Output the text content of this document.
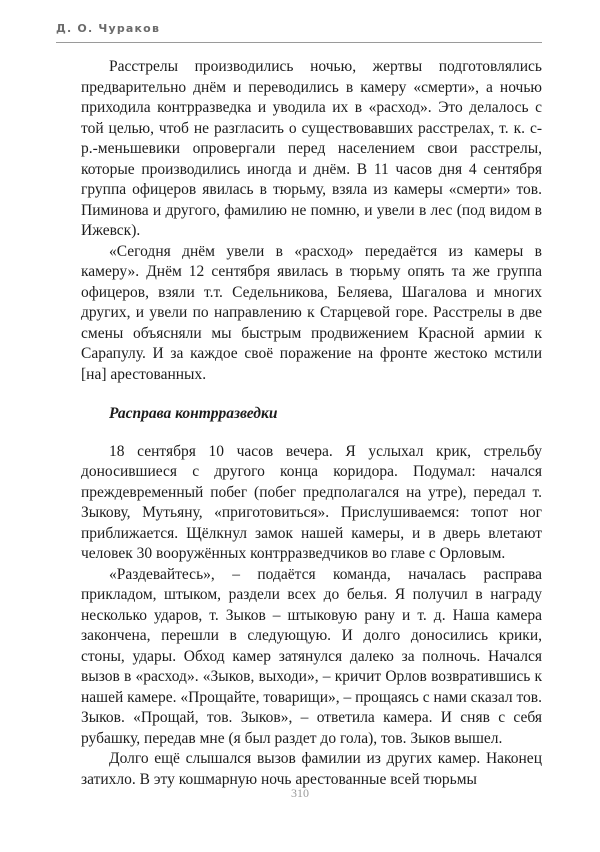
Д. О. Чураков

Расстрелы производились ночью, жертвы подготовлялись предварительно днём и переводились в камеру «смерти», а ночью приходила контрразведка и уводила их в «расход». Это делалось с той целью, чтоб не разгласить о существовавших расстрелах, т. к. с-р.-меньшевики опровергали перед населением свои расстрелы, которые производились иногда и днём. В 11 часов дня 4 сентября группа офицеров явилась в тюрьму, взяла из камеры «смерти» тов. Пиминова и другого, фамилию не помню, и увели в лес (под видом в Ижевск).

«Сегодня днём увели в «расход» передаётся из камеры в камеру». Днём 12 сентября явилась в тюрьму опять та же группа офицеров, взяли т.т. Седельникова, Беляева, Шагалова и многих других, и увели по направлению к Старцевой горе. Расстрелы в две смены объясняли мы быстрым продвижением Красной армии к Сарапулу. И за каждое своё поражение на фронте жестоко мстили [на] арестованных.

Расправа контрразведки

18 сентября 10 часов вечера. Я услыхал крик, стрельбу доносившиеся с другого конца коридора. Подумал: начался преждевременный побег (побег предполагался на утре), передал т. Зыкову, Мутьяну, «приготовиться». Прислушиваемся: топот ног приближается. Щёлкнул замок нашей камеры, и в дверь влетают человек 30 вооружённых контрразведчиков во главе с Орловым.

«Раздевайтесь», – подаётся команда, началась расправа прикладом, штыком, раздели всех до белья. Я получил в награду несколько ударов, т. Зыков – штыковую рану и т. д. Наша камера закончена, перешли в следующую. И долго доносились крики, стоны, удары. Обход камер затянулся далеко за полночь. Начался вызов в «расход». «Зыков, выходи», – кричит Орлов возвратившись к нашей камере. «Прощайте, товарищи», – прощаясь с нами сказал тов. Зыков. «Прощай, тов. Зыков», – ответила камера. И сняв с себя рубашку, передав мне (я был раздет до гола), тов. Зыков вышел.

Долго ещё слышался вызов фамилии из других камер. Наконец затихло. В эту кошмарную ночь арестованные всей тюрьмы

310
